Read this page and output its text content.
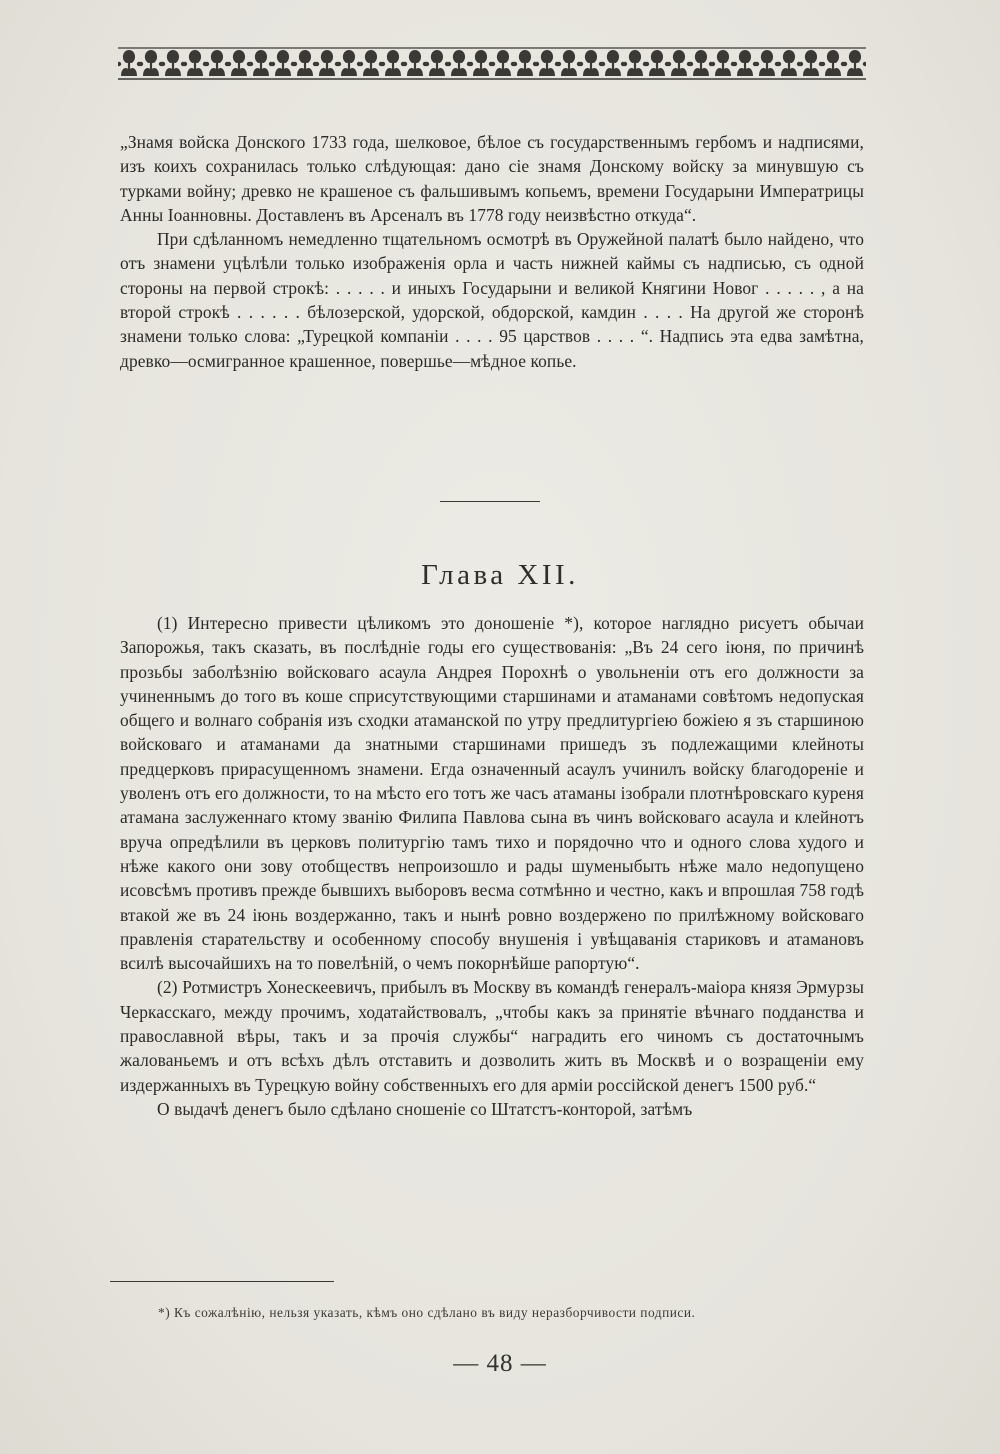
„Знамя войска Донского 1733 года, шелковое, бѣлое съ государственнымъ гербомъ и надписями, изъ коихъ сохранилась только слѣдующая: дано сіе знамя Донскому войску за минувшую съ турками войну; древко не крашеное съ фальшивымъ копьемъ, времени Государыни Императрицы Анны Іоанновны. Доставленъ въ Арсеналъ въ 1778 году неизвѣстно откуда“.

При сдѣланномъ немедленно тщательномъ осмотрѣ въ Оружейной палатѣ было найдено, что отъ знамени уцѣлѣли только изображенія орла и часть нижней каймы съ надписью, съ одной стороны на первой строкѣ: . . . . . и иныхъ Государыни и великой Княгини Новог . . . . . , а на второй строкѣ . . . . . . бѣлозерской, удорской, обдорской, камдин . . . . На другой же сторонѣ знамени только слова: „Турецкой компаніи . . . . 95 царствов . . . . “. Надпись эта едва замѣтна, древко—осмигранное крашенное, повершье—мѣдное копье.

Глава XII.

(1) Интересно привести цѣликомъ это доношеніе *), которое наглядно рисуетъ обычаи Запорожья, такъ сказать, въ послѣдніе годы его существованія: „Въ 24 сего іюня, по причинѣ прозьбы заболѣзнію войсковаго асаула Андрея Порохнѣ о увольненіи отъ его должности за учиненнымъ до того въ коше сприсутствующими старшинами и атаманами совѣтомъ недопуская общего и волнаго собранія изъ сходки атаманской по утру предлитургіею божіею я зъ старшиною войсковаго и атаманами да знатными старшинами пришедъ зъ подлежащими клейноты предцерковъ прирасущенномъ знамени. Егда означенный асаулъ учинилъ войску благодореніе и уволенъ отъ его должности, то на мѣсто его тотъ же часъ атаманы ізобрали плотнѣровскаго куреня атамана заслуженнаго ктому званію Филипа Павлова сына въ чинъ войсковаго асаула и клейнотъ вруча опредѣлили въ церковъ политургію тамъ тихо и порядочно что и одного слова худого и нѣже какого они зову отобществъ непроизошло и рады шуменыбыть нѣже мало недопущено исовсѣмъ противъ прежде бывшихъ выборовъ весма сотмѣнно и честно, какъ и впрошлая 758 годѣ втакой же въ 24 іюнь воздержанно, такъ и нынѣ ровно воздержено по прилѣжному войсковаго правленія старательству и особенному способу внушенія і увѣщаванія стариковъ и атамановъ всилѣ высочайшихъ на то повелѣній, о чемъ покорнѣйше рапортую“.

(2) Ротмистръ Хонескеевичъ, прибылъ въ Москву въ командѣ генералъ-маіора князя Эрмурзы Черкасскаго, между прочимъ, ходатайствовалъ, „чтобы какъ за принятіе вѣчнаго подданства и православной вѣры, такъ и за прочія службы“ наградить его чиномъ съ достаточнымъ жалованьемъ и отъ всѣхъ дѣлъ отставить и дозволить жить въ Москвѣ и о возращеніи ему издержанныхъ въ Турецкую войну собственныхъ его для арміи россійской денегъ 1500 руб.“

О выдачѣ денегъ было сдѣлано сношеніе со Штатстъ-конторой, затѣмъ

*) Къ сожалѣнію, нельзя указать, кѣмъ оно сдѣлано въ виду неразборчивости подписи.
— 48 —
